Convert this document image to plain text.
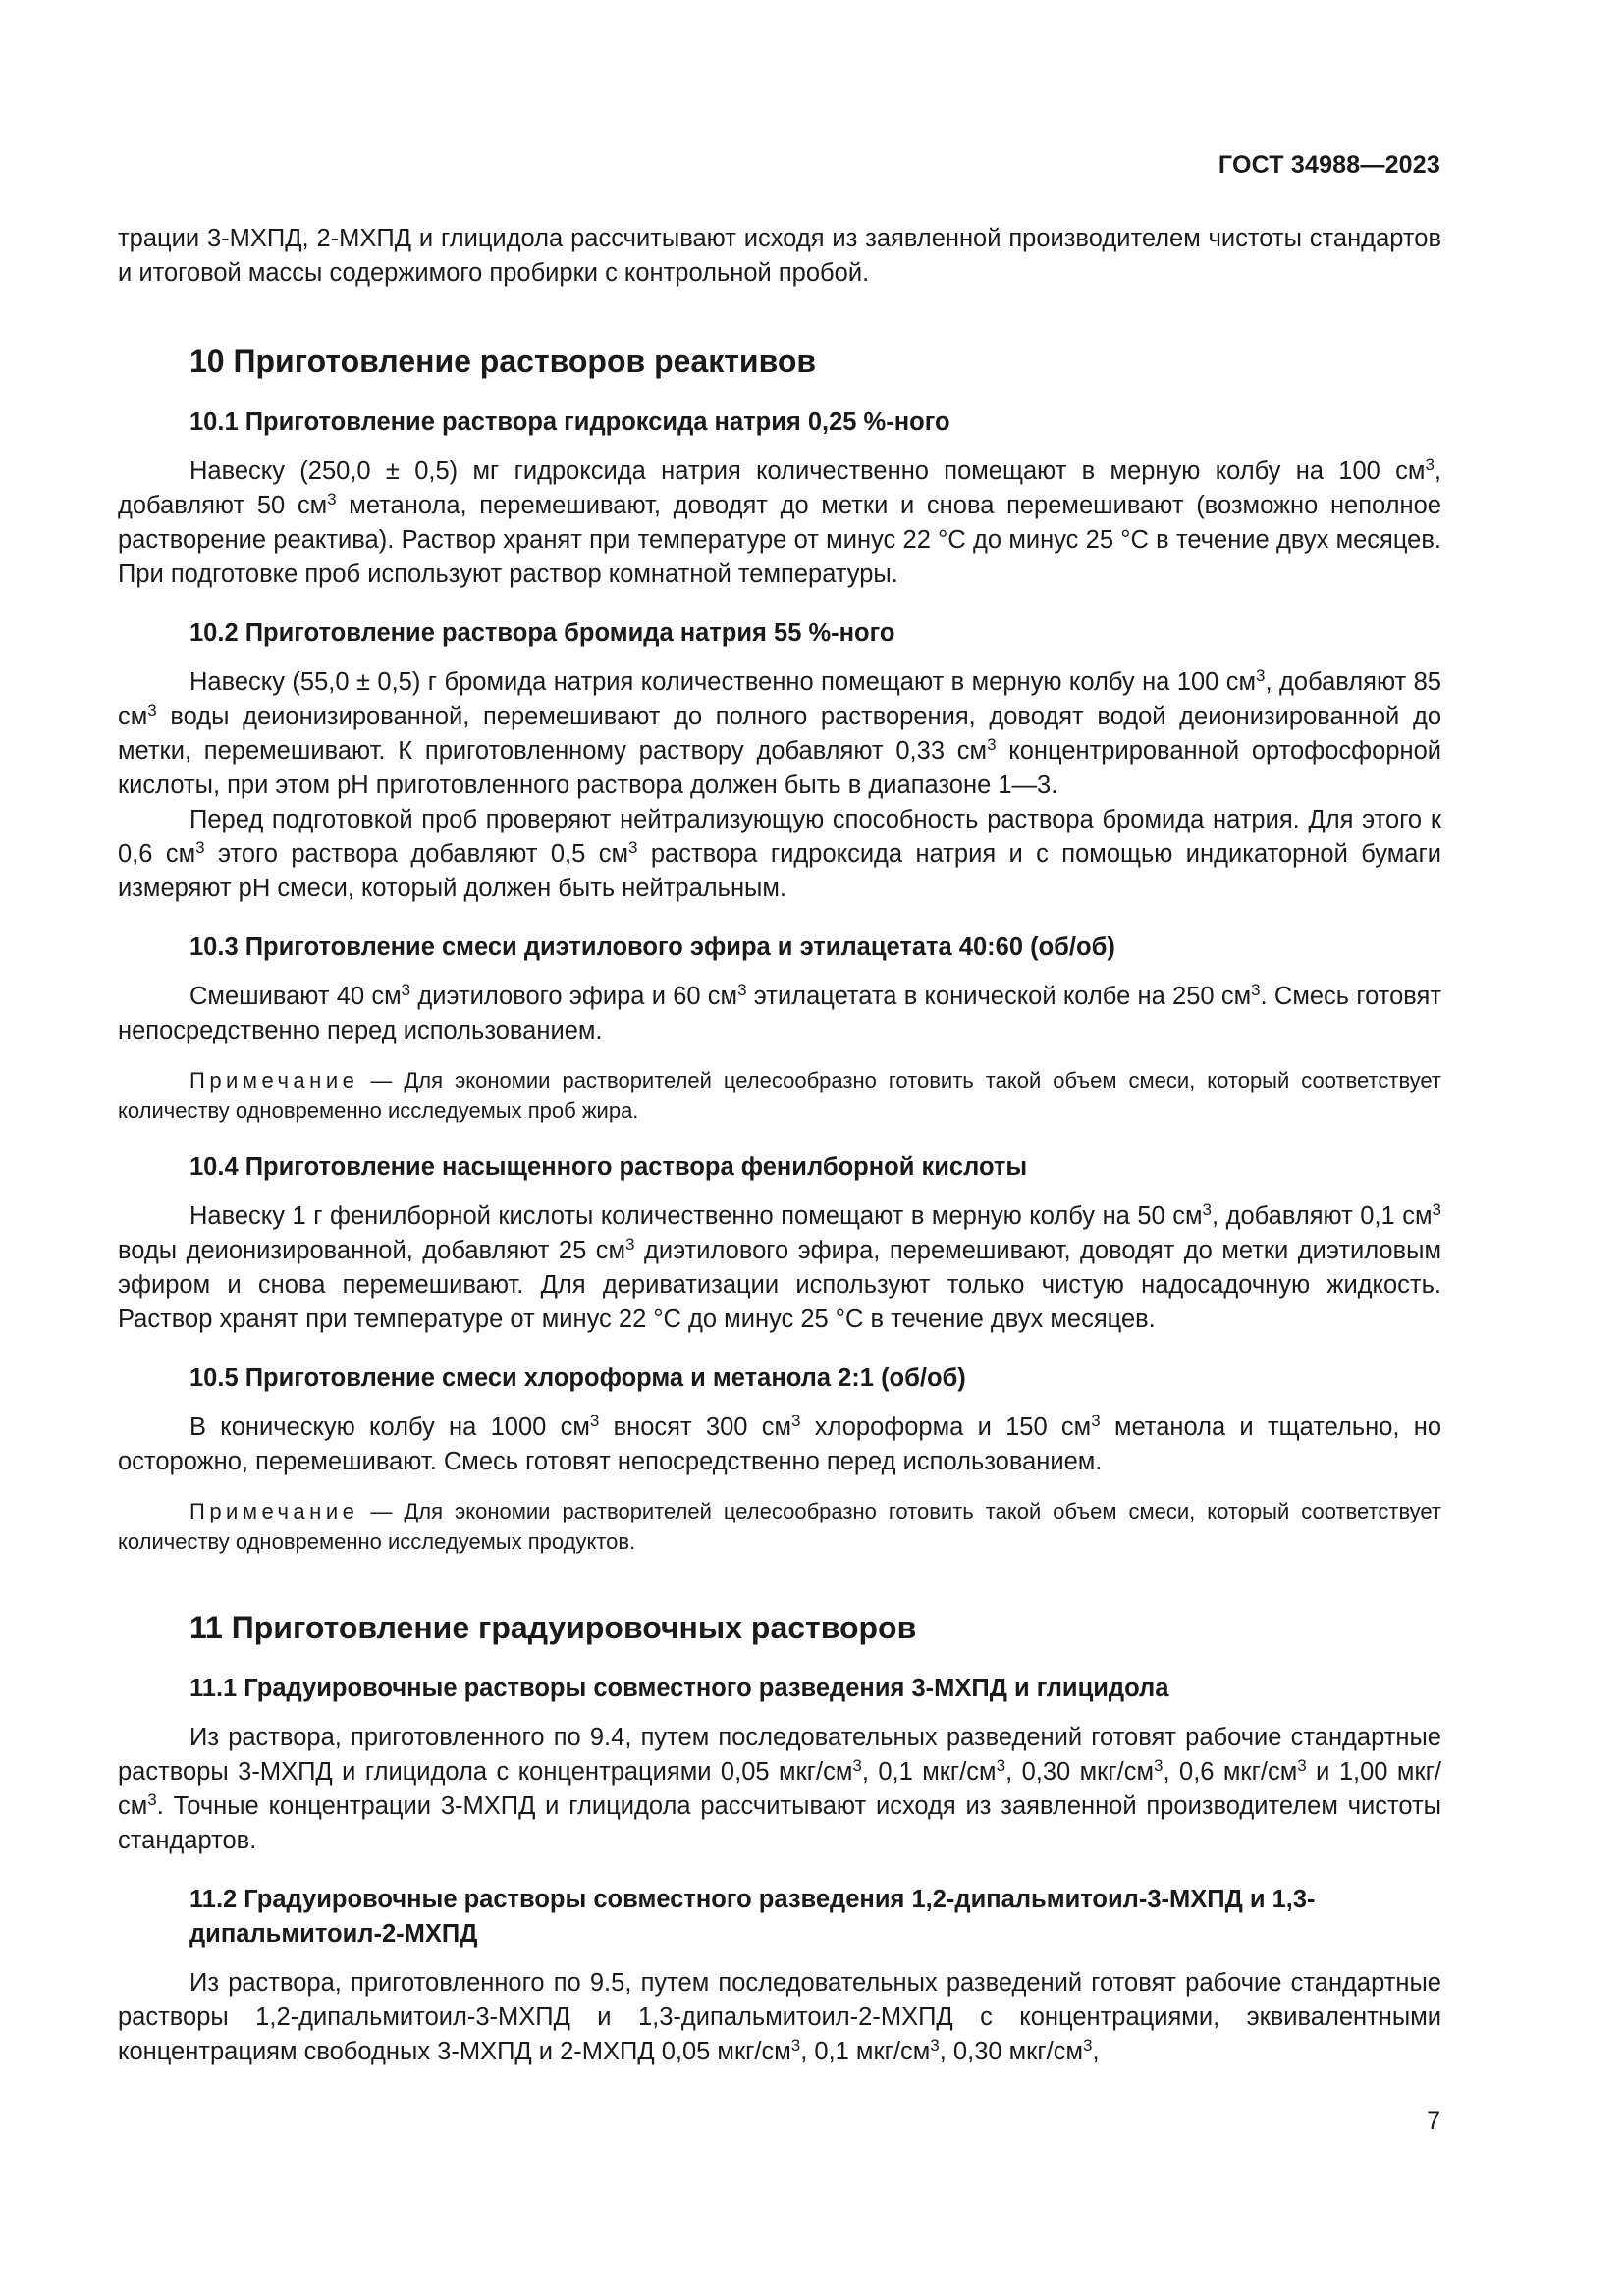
ГОСТ 34988—2023

трации 3-МХПД, 2-МХПД и глицидола рассчитывают исходя из заявленной производителем чистоты стандартов и итоговой массы содержимого пробирки с контрольной пробой.

10 Приготовление растворов реактивов
10.1 Приготовление раствора гидроксида натрия 0,25 %-ного

Навеску (250,0 ± 0,5) мг гидроксида натрия количественно помещают в мерную колбу на 100 $см^3$, добавляют 50 $см^3$ метанола, перемешивают, доводят до метки и снова перемешивают (возможно неполное растворение реактива). Раствор хранят при температуре от минус 22 °С до минус 25 °С в течение двух месяцев. При подготовке проб используют раствор комнатной температуры.

10.2 Приготовление раствора бромида натрия 55 %-ного

Навеску (55,0 ± 0,5) г бромида натрия количественно помещают в мерную колбу на 100 $см^3$, добавляют 85 $см^3$ воды деионизированной, перемешивают до полного растворения, доводят водой деионизированной до метки, перемешивают. К приготовленному раствору добавляют 0,33 $см^3$ концентрированной ортофосфорной кислоты, при этом pH приготовленного раствора должен быть в диапазоне 1—3.

Перед подготовкой проб проверяют нейтрализующую способность раствора бромида натрия. Для этого к 0,6 $см^3$ этого раствора добавляют 0,5 $см^3$ раствора гидроксида натрия и с помощью индикаторной бумаги измеряют pH смеси, который должен быть нейтральным.

10.3 Приготовление смеси диэтилового эфира и этилацетата 40:60 (об/об)

Смешивают 40 $см^3$ диэтилового эфира и 60 $см^3$ этилацетата в конической колбе на 250 $см^3$. Смесь готовят непосредственно перед использованием.

Примечание — Для экономии растворителей целесообразно готовить такой объем смеси, который соответствует количеству одновременно исследуемых проб жира.

10.4 Приготовление насыщенного раствора фенилборной кислоты

Навеску 1 г фенилборной кислоты количественно помещают в мерную колбу на 50 $см^3$, добавляют 0,1 $см^3$ воды деионизированной, добавляют 25 $см^3$ диэтилового эфира, перемешивают, доводят до метки диэтиловым эфиром и снова перемешивают. Для дериватизации используют только чистую надосадочную жидкость. Раствор хранят при температуре от минус 22 °С до минус 25 °С в течение двух месяцев.

10.5 Приготовление смеси хлороформа и метанола 2:1 (об/об)

В коническую колбу на 1000 $см^3$ вносят 300 $см^3$ хлороформа и 150 $см^3$ метанола и тщательно, но осторожно, перемешивают. Смесь готовят непосредственно перед использованием.

Примечание — Для экономии растворителей целесообразно готовить такой объем смеси, который соответствует количеству одновременно исследуемых продуктов.

11 Приготовление градуировочных растворов
11.1 Градуировочные растворы совместного разведения 3-МХПД и глицидола

Из раствора, приготовленного по 9.4, путем последовательных разведений готовят рабочие стандартные растворы 3-МХПД и глицидола с концентрациями 0,05 мкг/$см^3$, 0,1 мкг/$см^3$, 0,30 мкг/$см^3$, 0,6 мкг/$см^3$ и 1,00 мкг/$см^3$. Точные концентрации 3-МХПД и глицидола рассчитывают исходя из заявленной производителем чистоты стандартов.

11.2 Градуировочные растворы совместного разведения 1,2-дипальмитоил-3-МХПД и 1,3-дипальмитоил-2-МХПД

Из раствора, приготовленного по 9.5, путем последовательных разведений готовят рабочие стандартные растворы 1,2-дипальмитоил-3-МХПД и 1,3-дипальмитоил-2-МХПД с концентрациями, эквивалентными концентрациям свободных 3-МХПД и 2-МХПД 0,05 мкг/$см^3$, 0,1 мкг/$см^3$, 0,30 мкг/$см^3$,

7
